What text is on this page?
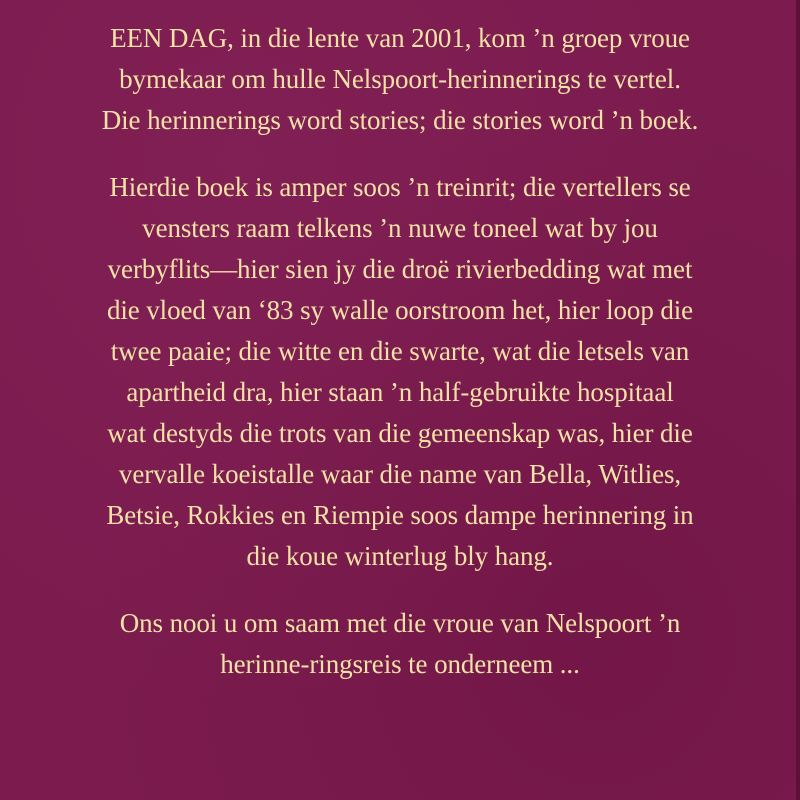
EEN DAG, in die lente van 2001, kom ’n groep vroue
bymekaar om hulle Nelspoort-herinnerings te vertel.
Die herinnerings word stories; die stories word ’n boek.
Hierdie boek is amper soos ’n treinrit; die vertellers se
vensters raam telkens ’n nuwe toneel wat by jou
verbyflits—hier sien jy die droë rivierbedding wat met
die vloed van ‘83 sy walle oorstroom het, hier loop die
twee paaie; die witte en die swarte, wat die letsels van
apartheid dra, hier staan ’n half-gebruikte hospitaal
wat destyds die trots van die gemeenskap was, hier die
vervalle koeistalle waar die name van Bella, Witlies,
Betsie, Rokkies en Riempie soos dampe herinnering in
die koue winterlug bly hang.
Ons nooi u om saam met die vroue van Nelspoort ’n
herinne-ringsreis te onderneem ...
